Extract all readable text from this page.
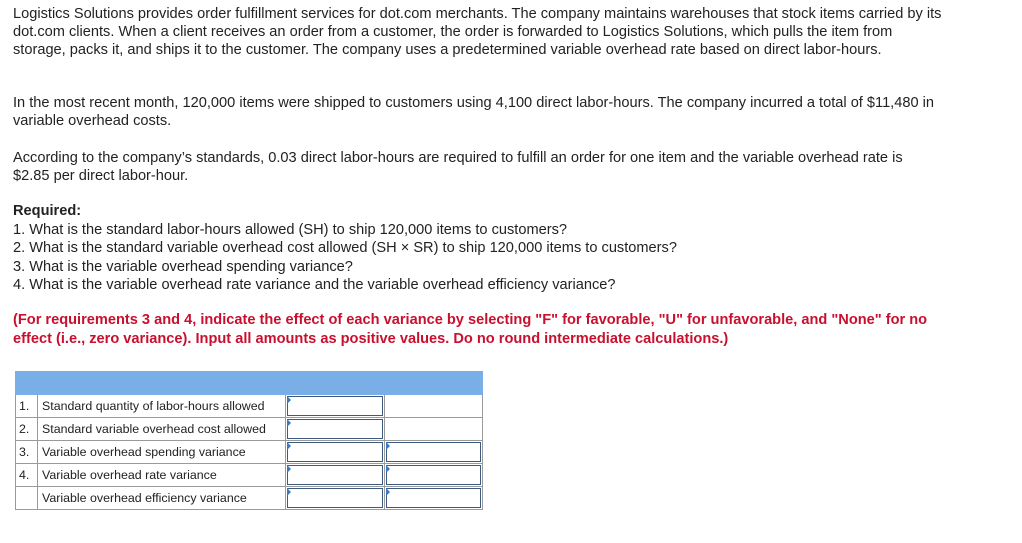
Logistics Solutions provides order fulfillment services for dot.com merchants. The company maintains warehouses that stock items carried by its dot.com clients. When a client receives an order from a customer, the order is forwarded to Logistics Solutions, which pulls the item from storage, packs it, and ships it to the customer. The company uses a predetermined variable overhead rate based on direct labor-hours.

In the most recent month, 120,000 items were shipped to customers using 4,100 direct labor-hours. The company incurred a total of $11,480 in variable overhead costs.

According to the company’s standards, 0.03 direct labor-hours are required to fulfill an order for one item and the variable overhead rate is $2.85 per direct labor-hour.

Required:

1. What is the standard labor-hours allowed (SH) to ship 120,000 items to customers?
2. What is the standard variable overhead cost allowed (SH × SR) to ship 120,000 items to customers?
3. What is the variable overhead spending variance?
4. What is the variable overhead rate variance and the variable overhead efficiency variance?

(For requirements 3 and 4, indicate the effect of each variance by selecting "F" for favorable, "U" for unfavorable, and "None" for no effect (i.e., zero variance). Input all amounts as positive values. Do no round intermediate calculations.)

1.	Standard quantity of labor-hours allowed	

2.	Standard variable overhead cost allowed	

3.	Variable overhead spending variance	

4.	Variable overhead rate variance	

	Variable overhead efficiency variance	
